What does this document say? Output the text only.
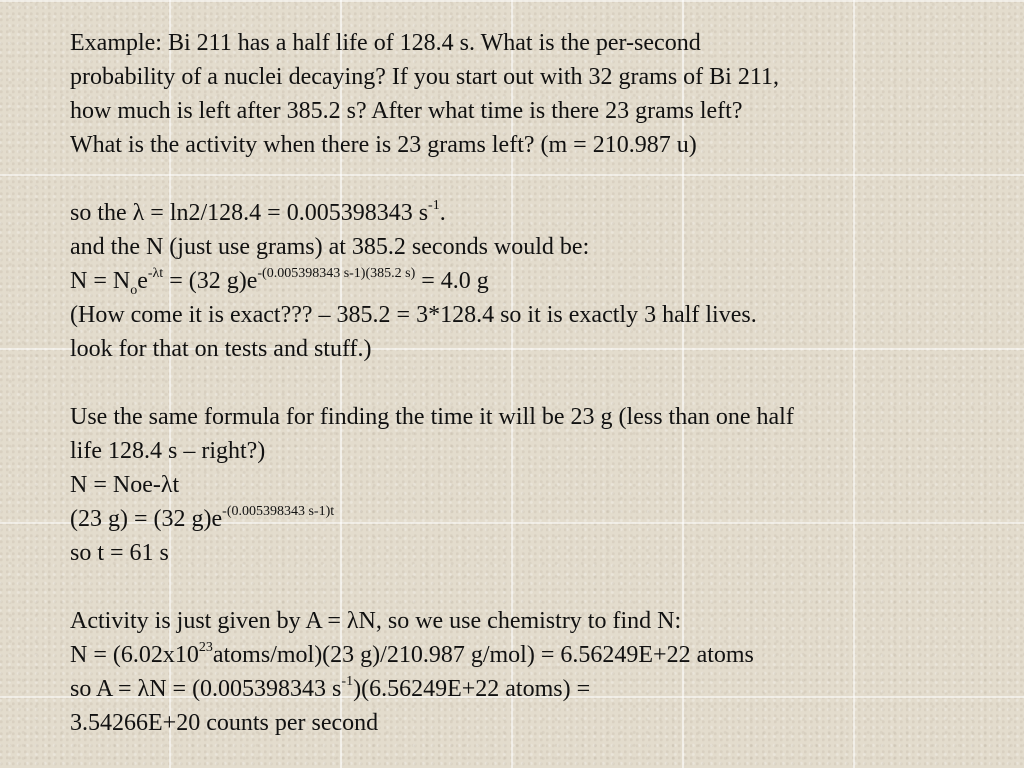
Example: Bi 211 has a half life of 128.4 s. What is the per-second
probability of a nuclei decaying? If you start out with 32 grams of Bi 211,
how much is left after 385.2 s? After what time is there 23 grams left?
What is the activity when there is 23 grams left? (m = 210.987 u)
so the λ = ln2/128.4 = 0.005398343 $s^{-1}$.
and the N (just use grams) at 385.2 seconds would be:
$N = N_oe^{-\lambda t} = (32$ $g)e^{-(0.005398343 s-1)(385.2 s)} = 4.0$ g
(How come it is exact??? – 385.2 = 3*128.4 so it is exactly 3 half lives.
look for that on tests and stuff.)
Use the same formula for finding the time it will be 23 g (less than one half
life 128.4 s – right?)
N = Noe-λt
(23 g) = (32 $g)e^{-(0.005398343 s-1)t}$
so t = 61 s
Activity is just given by A = λN, so we use chemistry to find N:
$N = (6.02x10^{23}atoms/mol)(23$ g)/210.987 g/mol) = 6.56249E+22 atoms
so A = λN = (0.005398343 $s^{-1})(6.56249E+22$ atoms) =
3.54266E+20 counts per second
